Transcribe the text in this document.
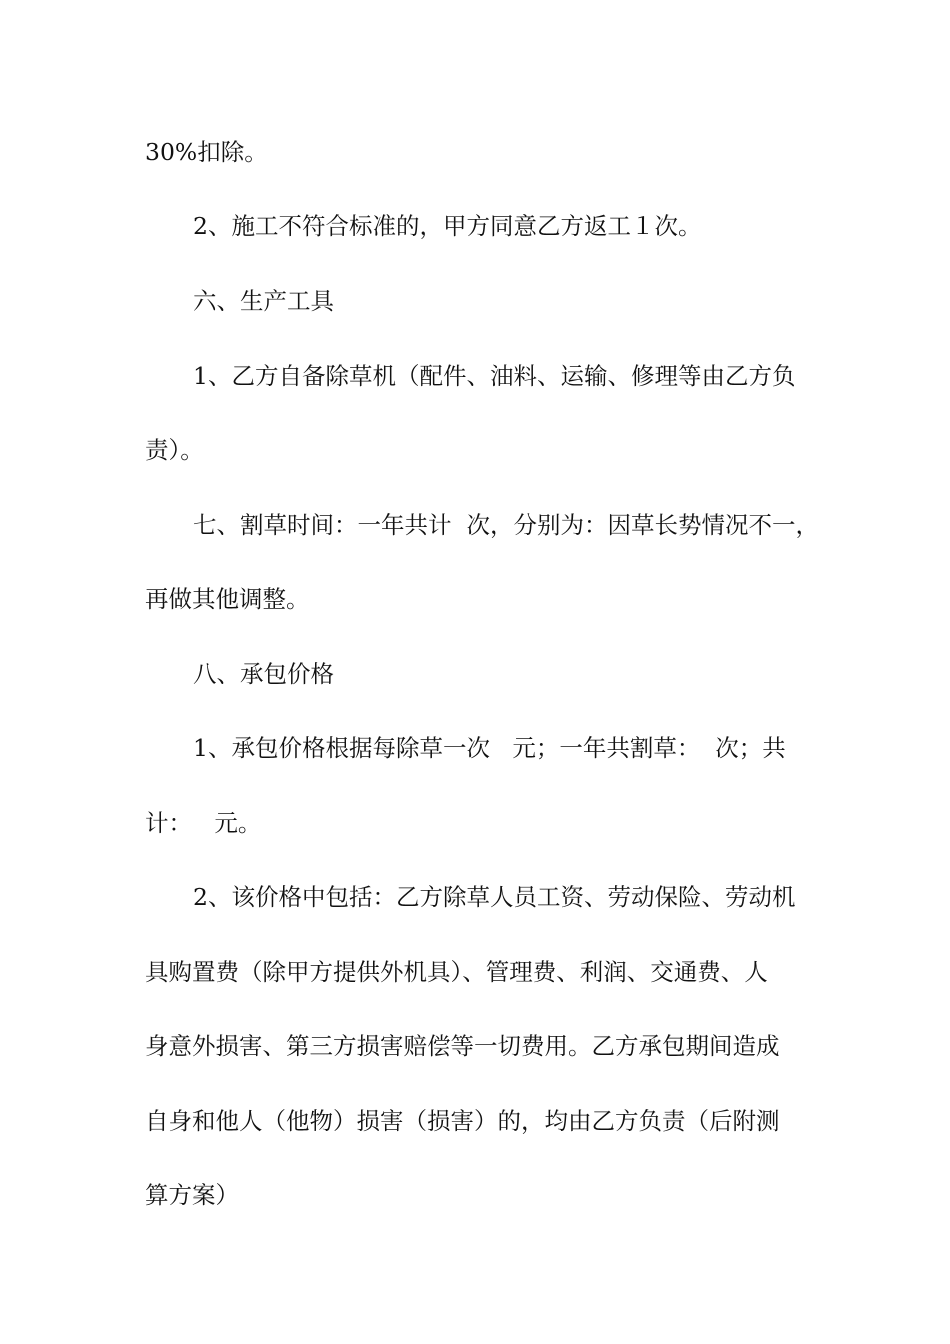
30%扣除。
2、施工不符合标准的，甲方同意乙方返工１次。
六、生产工具
1、乙方自备除草机（配件、油料、运输、修理等由乙方负
责）。
七、割草时间：一年共计  次，分别为：因草长势情况不一，
再做其他调整。
八、承包价格
1、承包价格根据每除草一次   元；一年共割草：  次；共
计：   元。
2、该价格中包括：乙方除草人员工资、劳动保险、劳动机
具购置费（除甲方提供外机具）、管理费、利润、交通费、人
身意外损害、第三方损害赔偿等一切费用。乙方承包期间造成
自身和他人（他物）损害（损害）的，均由乙方负责（后附测
算方案）
